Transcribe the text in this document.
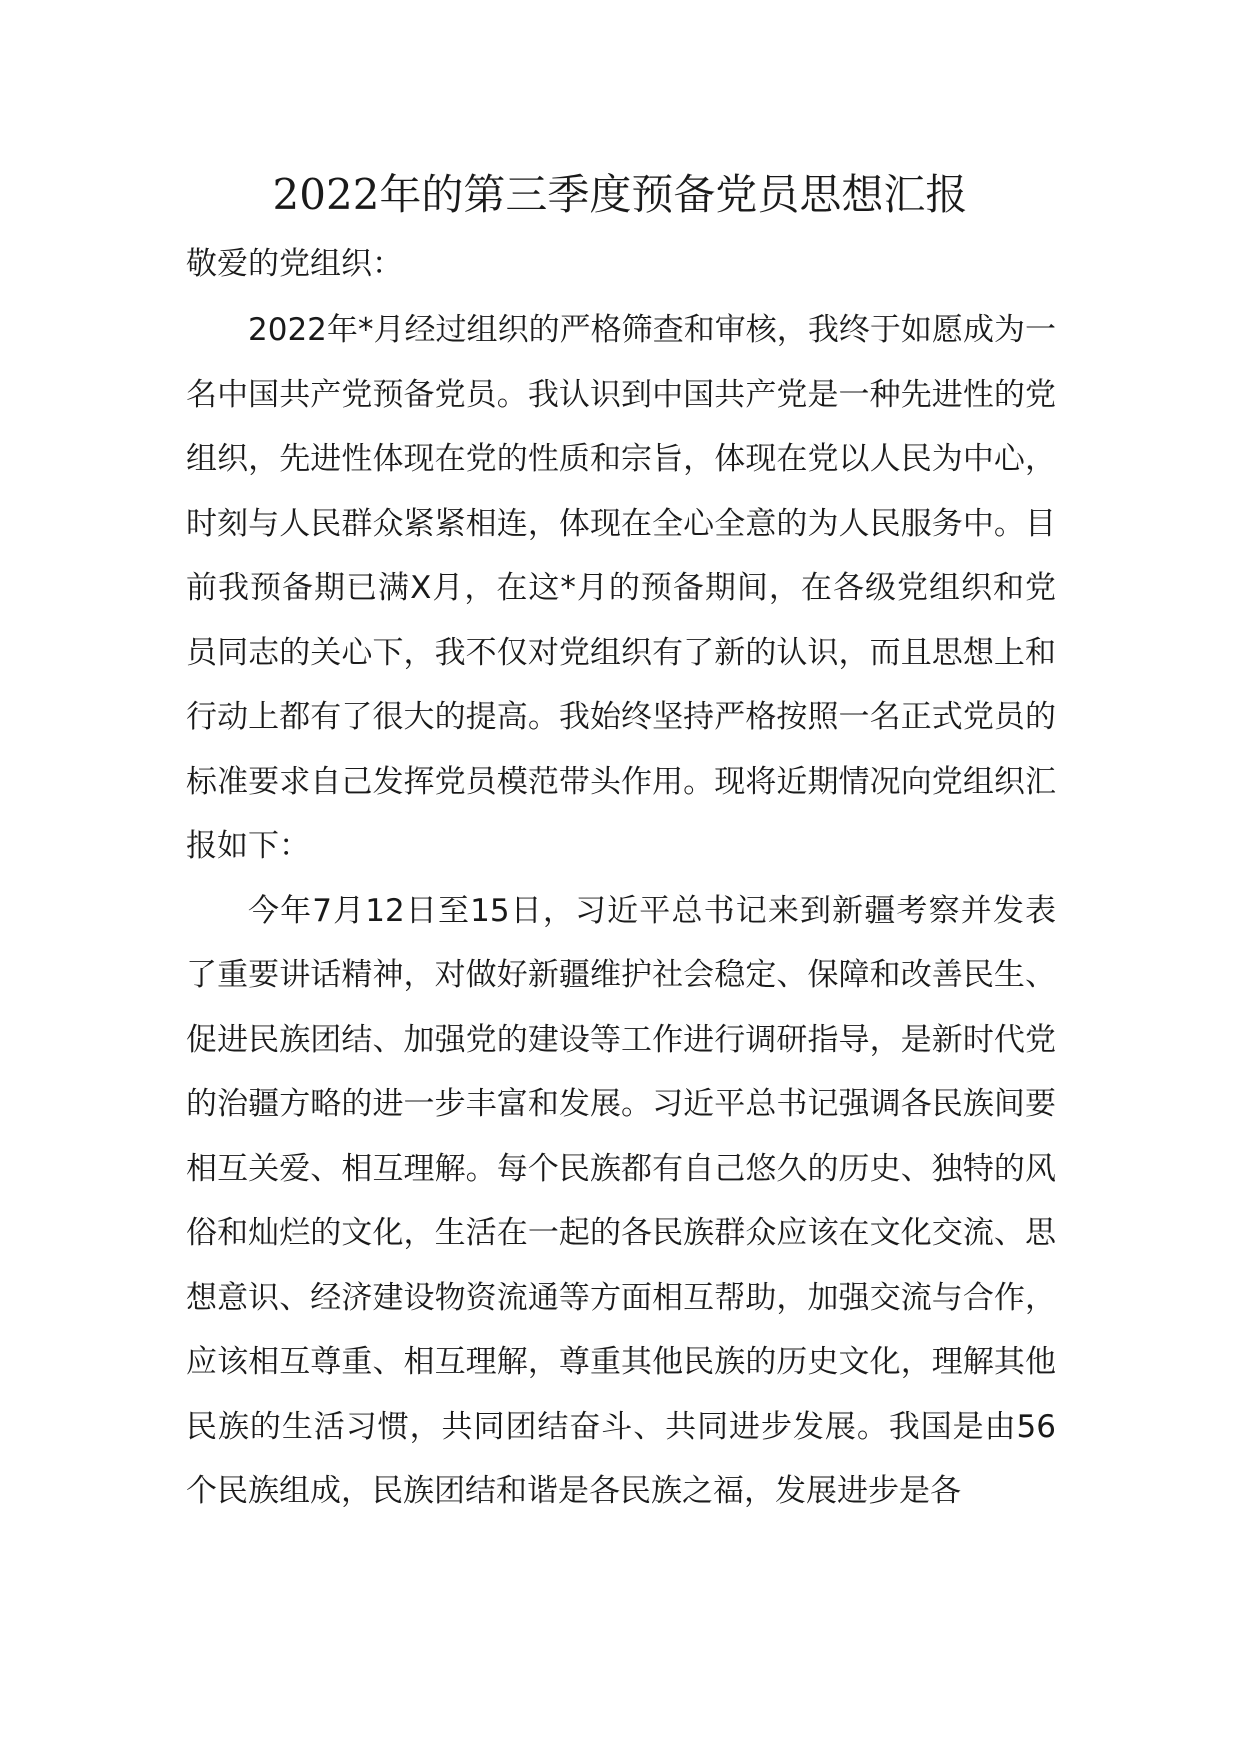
2022年的第三季度预备党员思想汇报

敬爱的党组织：

2022年*月经过组织的严格筛查和审核，我终于如愿成为一名中国共产党预备党员。我认识到中国共产党是一种先进性的党组织，先进性体现在党的性质和宗旨，体现在党以人民为中心，时刻与人民群众紧紧相连，体现在全心全意的为人民服务中。目前我预备期已满X月，在这*月的预备期间，在各级党组织和党员同志的关心下，我不仅对党组织有了新的认识，而且思想上和行动上都有了很大的提高。我始终坚持严格按照一名正式党员的标准要求自己发挥党员模范带头作用。现将近期情况向党组织汇报如下：

今年7月12日至15日，习近平总书记来到新疆考察并发表了重要讲话精神，对做好新疆维护社会稳定、保障和改善民生、促进民族团结、加强党的建设等工作进行调研指导，是新时代党的治疆方略的进一步丰富和发展。习近平总书记强调各民族间要相互关爱、相互理解。每个民族都有自己悠久的历史、独特的风俗和灿烂的文化，生活在一起的各民族群众应该在文化交流、思想意识、经济建设物资流通等方面相互帮助，加强交流与合作，应该相互尊重、相互理解，尊重其他民族的历史文化，理解其他民族的生活习惯，共同团结奋斗、共同进步发展。我国是由56个民族组成，民族团结和谐是各民族之福，发展进步是各
